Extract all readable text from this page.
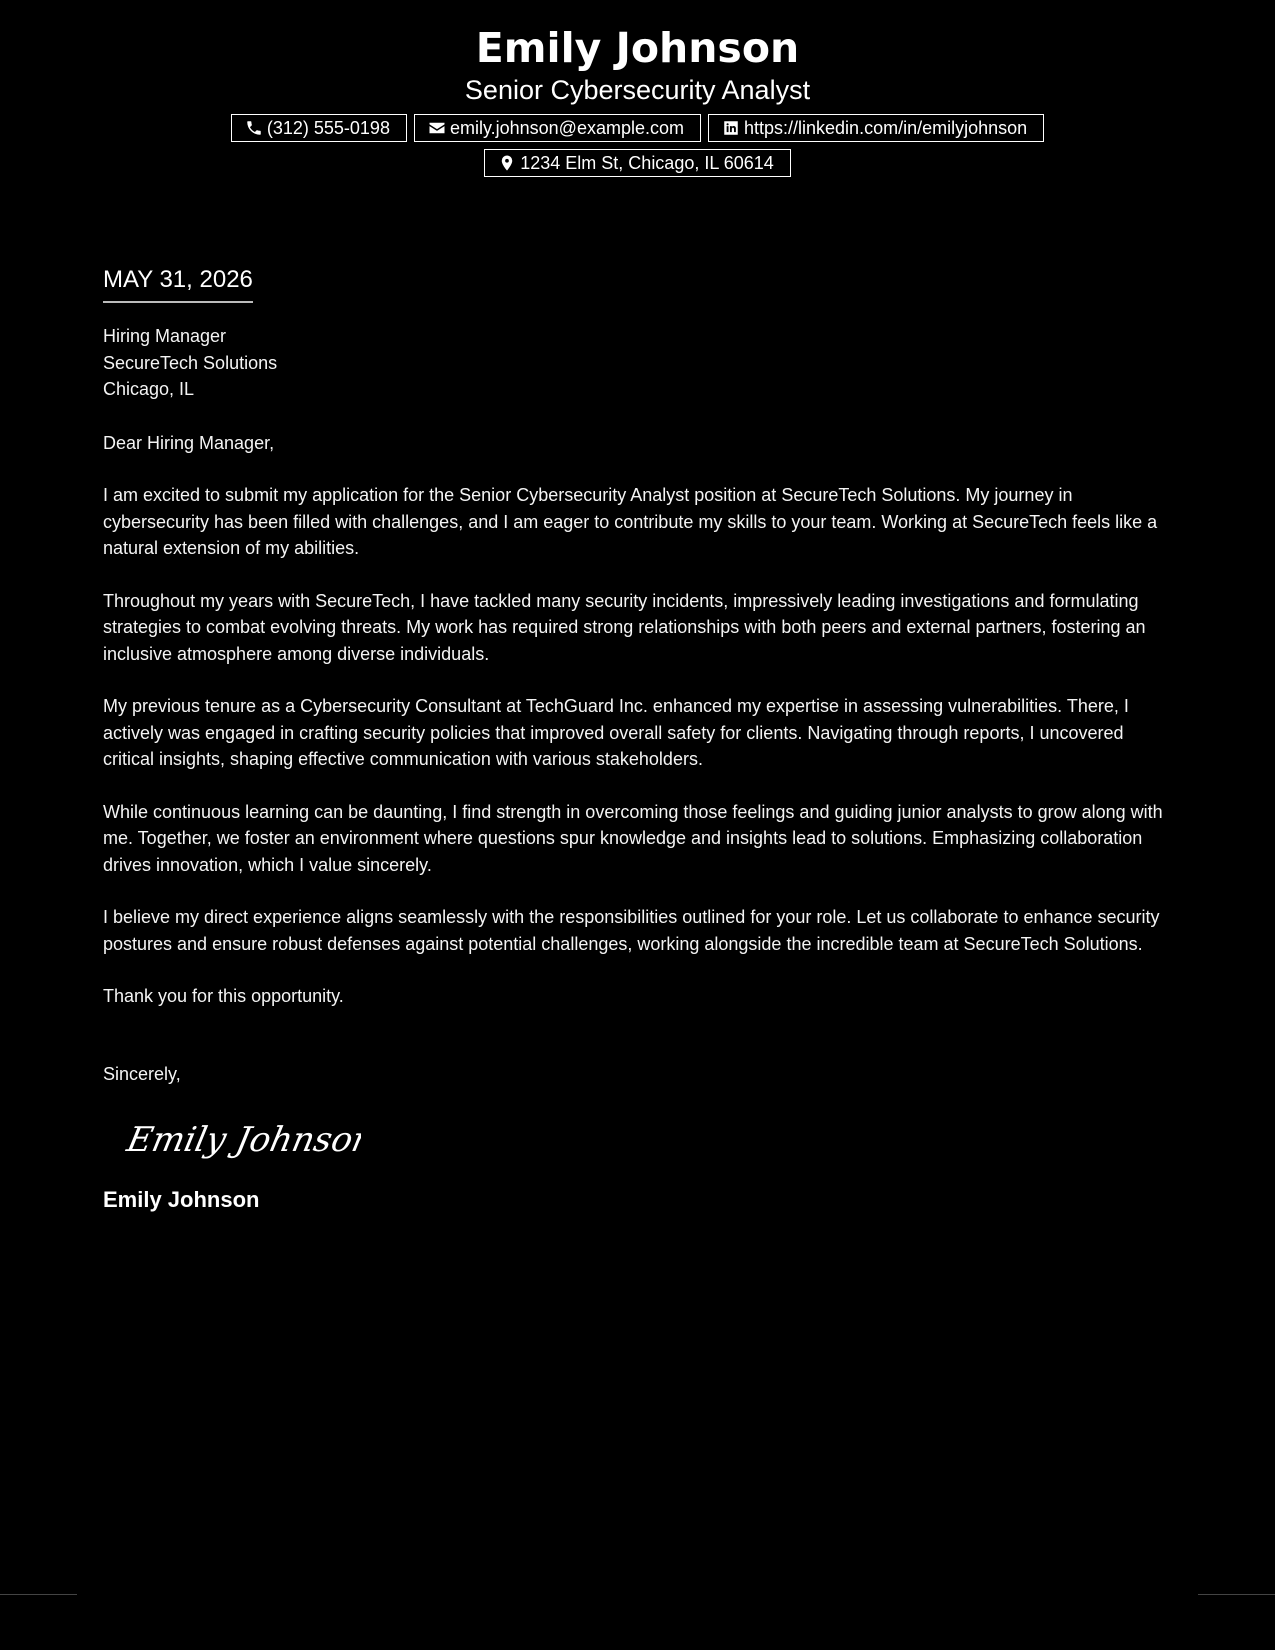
Emily Johnson
Senior Cybersecurity Analyst
(312) 555-0198	emily.johnson@example.com	https://linkedin.com/in/emilyjohnson
1234 Elm St, Chicago, IL 60614
MAY 31, 2026
Hiring Manager
SecureTech Solutions
Chicago, IL

Dear Hiring Manager,

I am excited to submit my application for the Senior Cybersecurity Analyst position at SecureTech Solutions. My journey in cybersecurity has been filled with challenges, and I am eager to contribute my skills to your team. Working at SecureTech feels like a natural extension of my abilities.

Throughout my years with SecureTech, I have tackled many security incidents, impressively leading investigations and formulating strategies to combat evolving threats. My work has required strong relationships with both peers and external partners, fostering an inclusive atmosphere among diverse individuals.

My previous tenure as a Cybersecurity Consultant at TechGuard Inc. enhanced my expertise in assessing vulnerabilities. There, I actively was engaged in crafting security policies that improved overall safety for clients. Navigating through reports, I uncovered critical insights, shaping effective communication with various stakeholders.

While continuous learning can be daunting, I find strength in overcoming those feelings and guiding junior analysts to grow along with me. Together, we foster an environment where questions spur knowledge and insights lead to solutions. Emphasizing collaboration drives innovation, which I value sincerely.

I believe my direct experience aligns seamlessly with the responsibilities outlined for your role. Let us collaborate to enhance security postures and ensure robust defenses against potential challenges, working alongside the incredible team at SecureTech Solutions.

Thank you for this opportunity.

Sincerely,

Emily Johnson
Emily Johnson
